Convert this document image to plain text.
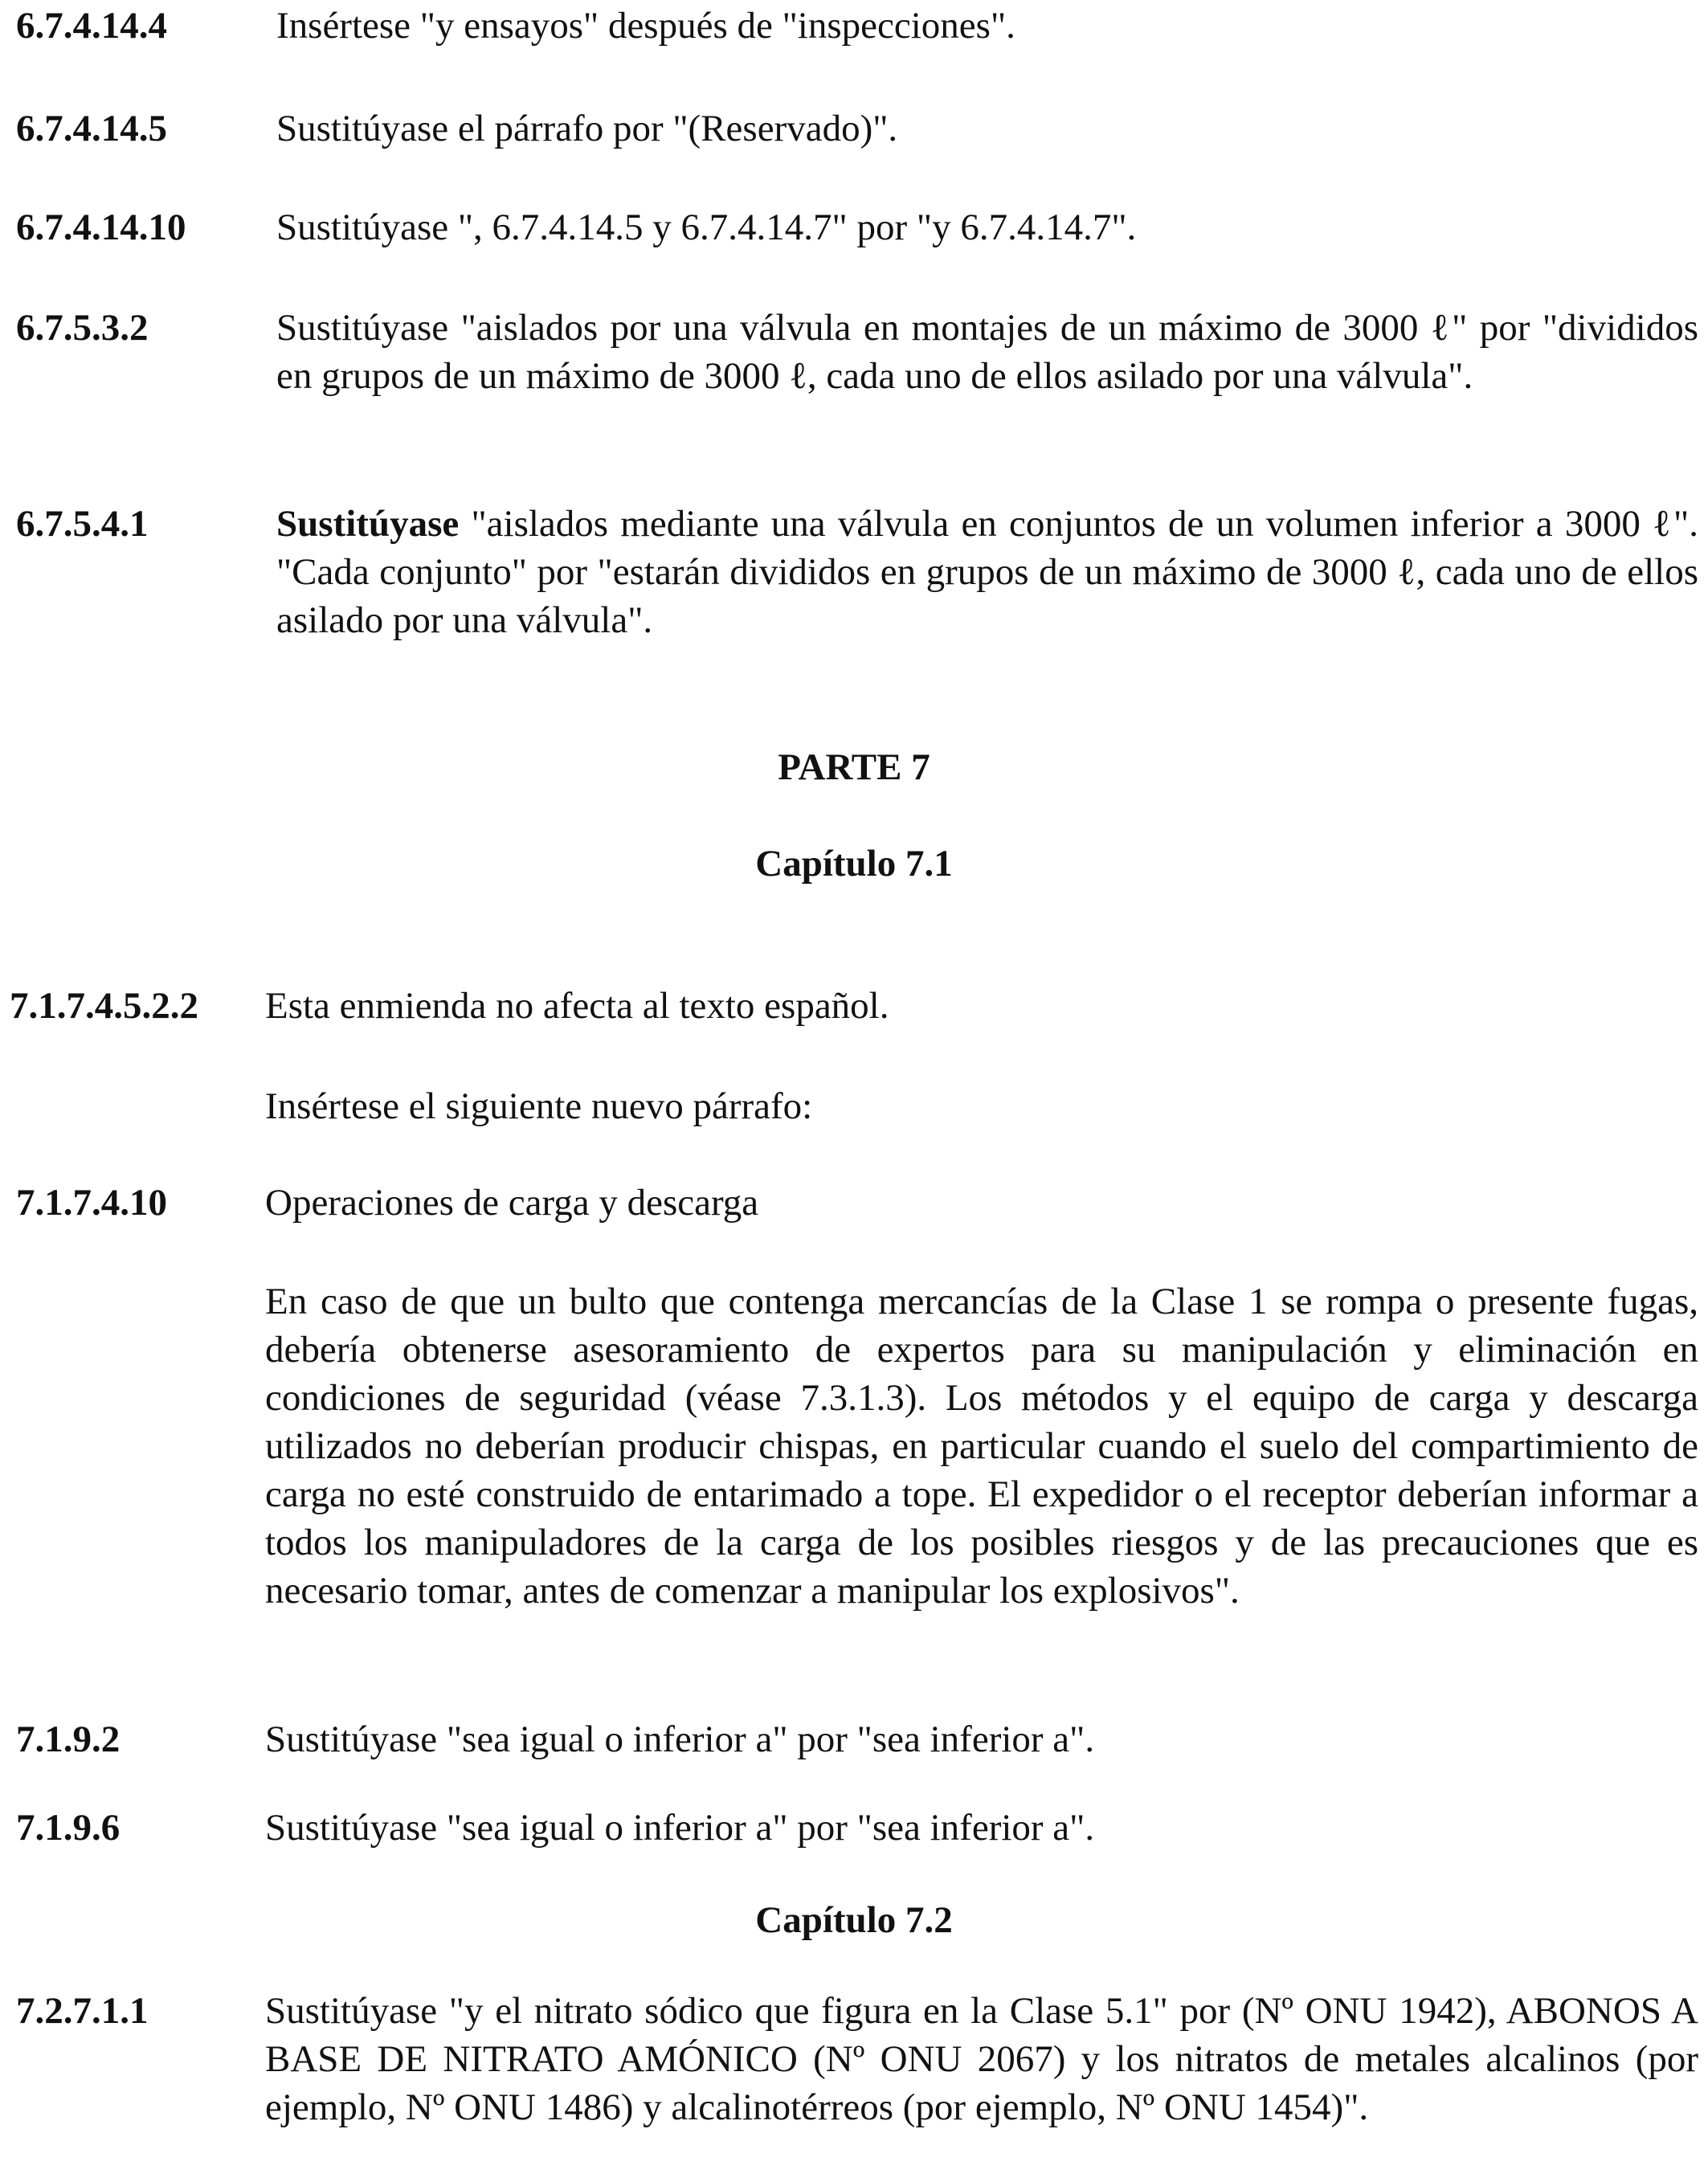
6.7.4.14.4	Insértese "y ensayos" después de "inspecciones".
6.7.4.14.5	Sustitúyase el párrafo por "(Reservado)".
6.7.4.14.10 Sustitúyase ", 6.7.4.14.5 y 6.7.4.14.7" por "y 6.7.4.14.7".
6.7.5.3.2	Sustitúyase "aislados por una válvula en montajes de un máximo de 3000 ℓ" por "divididos en grupos de un máximo de 3000 ℓ, cada uno de ellos asilado por una válvula".
6.7.5.4.1	Sustitúyase "aislados mediante una válvula en conjuntos de un volumen inferior a 3000 ℓ". "Cada conjunto" por "estarán divididos en grupos de un máximo de 3000 ℓ, cada uno de ellos asilado por una válvula".
PARTE 7
Capítulo 7.1
7.1.7.4.5.2.2 Esta enmienda no afecta al texto español.
Insértese el siguiente nuevo párrafo:
7.1.7.4.10	Operaciones de carga y descarga
En caso de que un bulto que contenga mercancías de la Clase 1 se rompa o presente fugas, debería obtenerse asesoramiento de expertos para su manipulación y eliminación en condiciones de seguridad (véase 7.3.1.3). Los métodos y el equipo de carga y descarga utilizados no deberían producir chispas, en particular cuando el suelo del compartimiento de carga no esté construido de entarimado a tope. El expedidor o el receptor deberían informar a todos los manipuladores de la carga de los posibles riesgos y de las precauciones que es necesario tomar, antes de comenzar a manipular los explosivos".
7.1.9.2	Sustitúyase "sea igual o inferior a" por "sea inferior a".
7.1.9.6	Sustitúyase "sea igual o inferior a" por "sea inferior a".
Capítulo 7.2
7.2.7.1.1	Sustitúyase "y el nitrato sódico que figura en la Clase 5.1" por (Nº ONU 1942), ABONOS A BASE DE NITRATO AMÓNICO (Nº ONU 2067) y los nitratos de metales alcalinos (por ejemplo, Nº ONU 1486) y alcalinotérreos (por ejemplo, Nº ONU 1454)".
